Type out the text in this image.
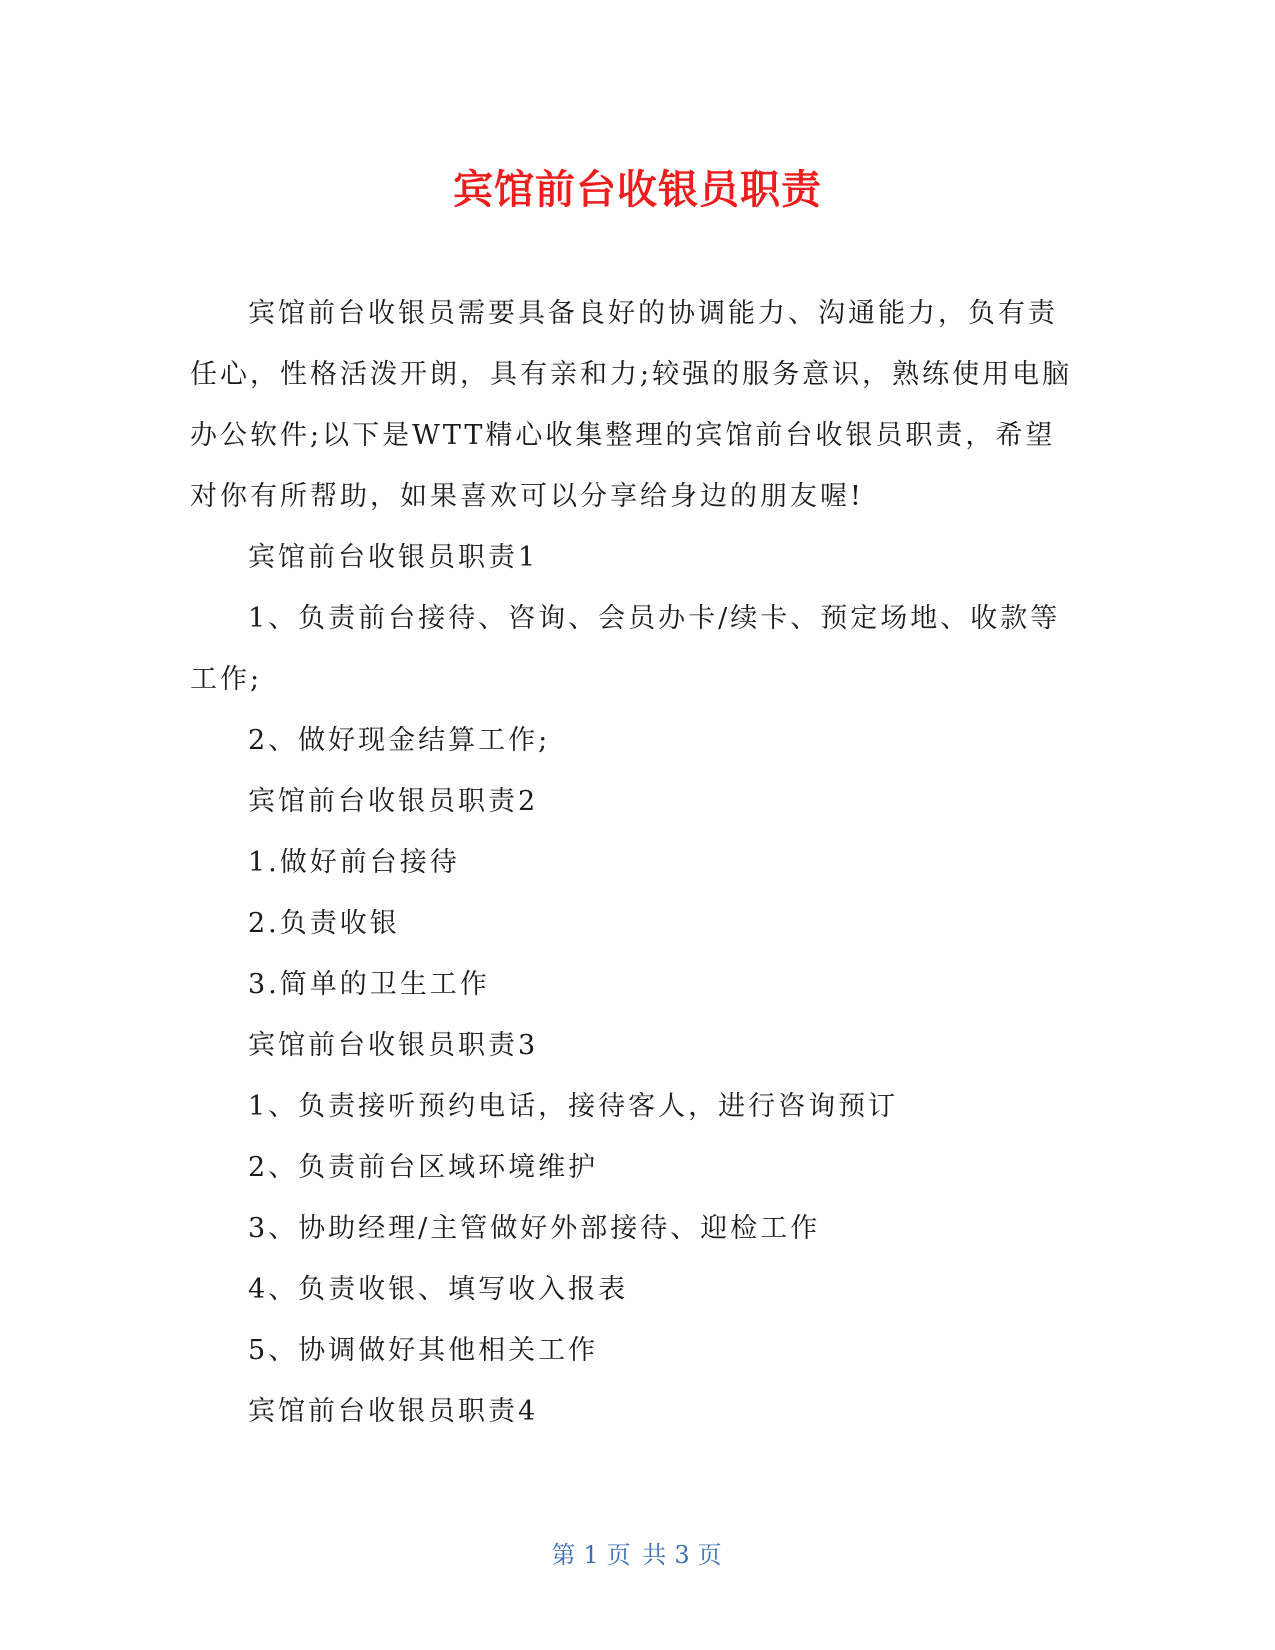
宾馆前台收银员职责

宾馆前台收银员需要具备良好的协调能力、沟通能力，负有责任心，性格活泼开朗，具有亲和力;较强的服务意识，熟练使用电脑办公软件;以下是WTT精心收集整理的宾馆前台收银员职责，希望对你有所帮助，如果喜欢可以分享给身边的朋友喔!

宾馆前台收银员职责1

1、负责前台接待、咨询、会员办卡/续卡、预定场地、收款等工作;

2、做好现金结算工作;

宾馆前台收银员职责2

1.做好前台接待

2.负责收银

3.简单的卫生工作

宾馆前台收银员职责3

1、负责接听预约电话，接待客人，进行咨询预订

2、负责前台区域环境维护

3、协助经理/主管做好外部接待、迎检工作

4、负责收银、填写收入报表

5、协调做好其他相关工作

宾馆前台收银员职责4

第 1 页 共 3 页
